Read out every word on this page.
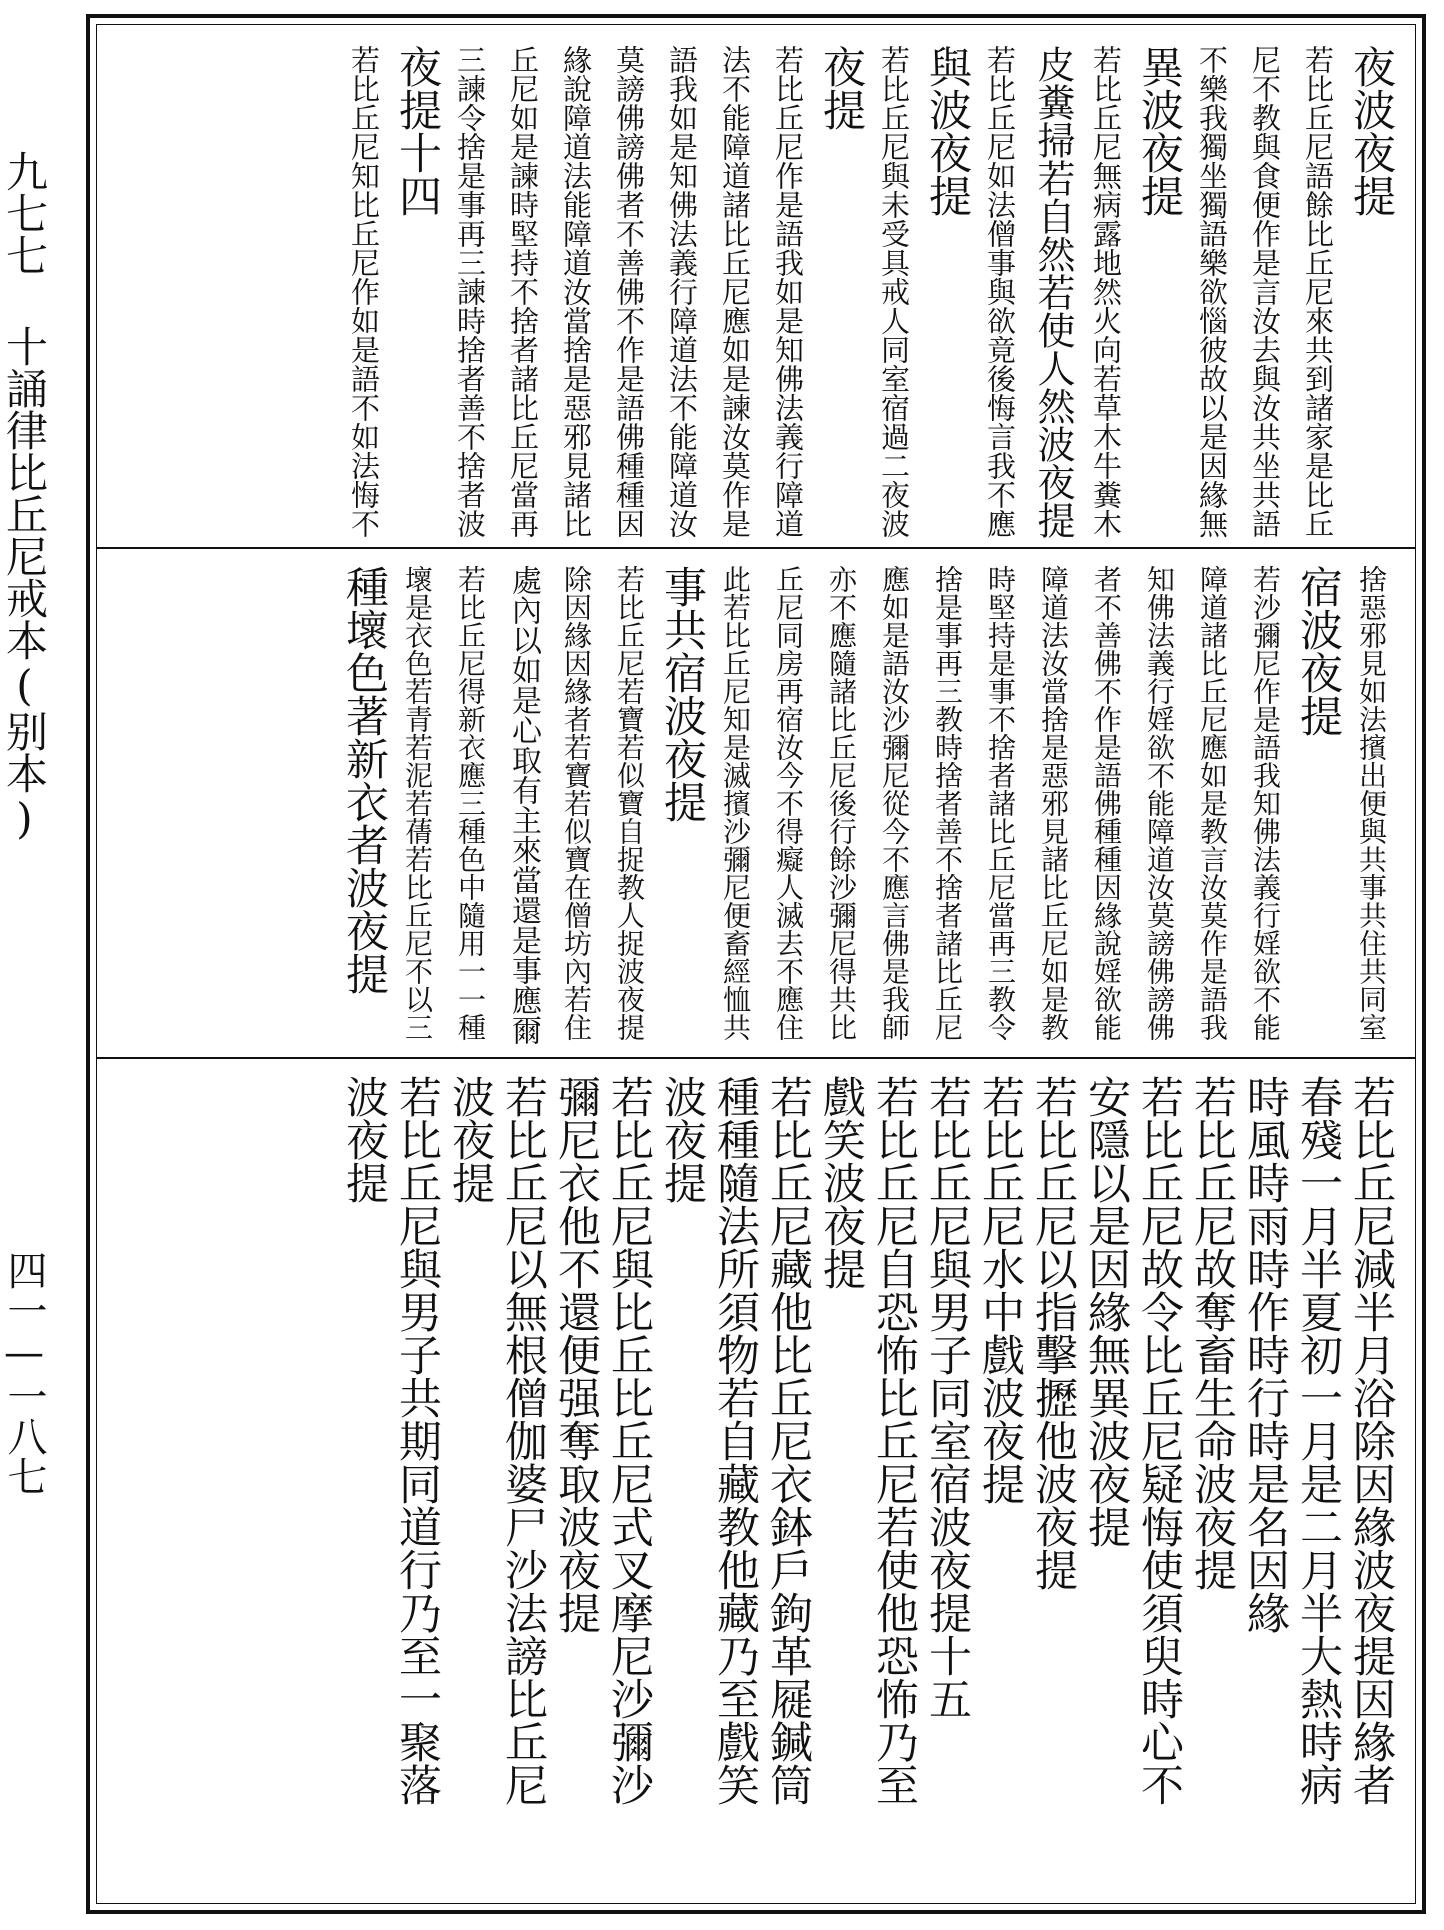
九七七 十誦律比丘尼戒本(别本)
四一—一八七
夜波夜提
若比丘尼語餘比丘尼來共到諸家是比丘
尼不教與食便作是言汝去與汝共坐共語
不樂我獨坐獨語樂欲惱彼故以是因緣無
異波夜提
若比丘尼無病露地然火向若草木牛糞木
皮糞掃若自然若使人然波夜提
若比丘尼如法僧事與欲竟後悔言我不應
與波夜提
若比丘尼與未受具戒人同室宿過二夜波
夜提
若比丘尼作是語我如是知佛法義行障道
法不能障道諸比丘尼應如是諫汝莫作是
語我如是知佛法義行障道法不能障道汝
莫謗佛謗佛者不善佛不作是語佛種種因
緣說障道法能障道汝當捨是惡邪見諸比
丘尼如是諫時堅持不捨者諸比丘尼當再
三諫令捨是事再三諫時捨者善不捨者波
夜提十四
若比丘尼知比丘尼作如是語不如法悔不
捨惡邪見如法擯出便與共事共住共同室
宿波夜提
若沙彌尼作是語我知佛法義行婬欲不能
障道諸比丘尼應如是教言汝莫作是語我
知佛法義行婬欲不能障道汝莫謗佛謗佛
者不善佛不作是語佛種種因緣說婬欲能
障道法汝當捨是惡邪見諸比丘尼如是教
時堅持是事不捨者諸比丘尼當再三教令
捨是事再三教時捨者善不捨者諸比丘尼
應如是語汝沙彌尼從今不應言佛是我師
亦不應隨諸比丘尼後行餘沙彌尼得共比
丘尼同房再宿汝今不得癡人滅去不應住
此若比丘尼知是滅擯沙彌尼便畜經恤共
事共宿波夜提
若比丘尼若寶若似寶自捉教人捉波夜提
除因緣因緣者若寶若似寶在僧坊內若住
處內以如是心取有主來當還是事應爾
若比丘尼得新衣應三種色中隨用一一種
壞是衣色若青若泥若蒨若比丘尼不以三
種壞色著新衣者波夜提
若比丘尼減半月浴除因緣波夜提因緣者
春殘一月半夏初一月是二月半大熱時病
時風時雨時作時行時是名因緣
若比丘尼故奪畜生命波夜提
若比丘尼故令比丘尼疑悔使須臾時心不
安隱以是因緣無異波夜提
若比丘尼以指擊攊他波夜提
若比丘尼水中戲波夜提
若比丘尼與男子同室宿波夜提十五
若比丘尼自恐怖比丘尼若使他恐怖乃至
戲笑波夜提
若比丘尼藏他比丘尼衣鉢戶鉤革屣鍼筒
種種隨法所須物若自藏教他藏乃至戲笑
波夜提
若比丘尼與比丘比丘尼式叉摩尼沙彌沙
彌尼衣他不還便强奪取波夜提
若比丘尼以無根僧伽婆尸沙法謗比丘尼
波夜提
若比丘尼與男子共期同道行乃至一聚落
波夜提
